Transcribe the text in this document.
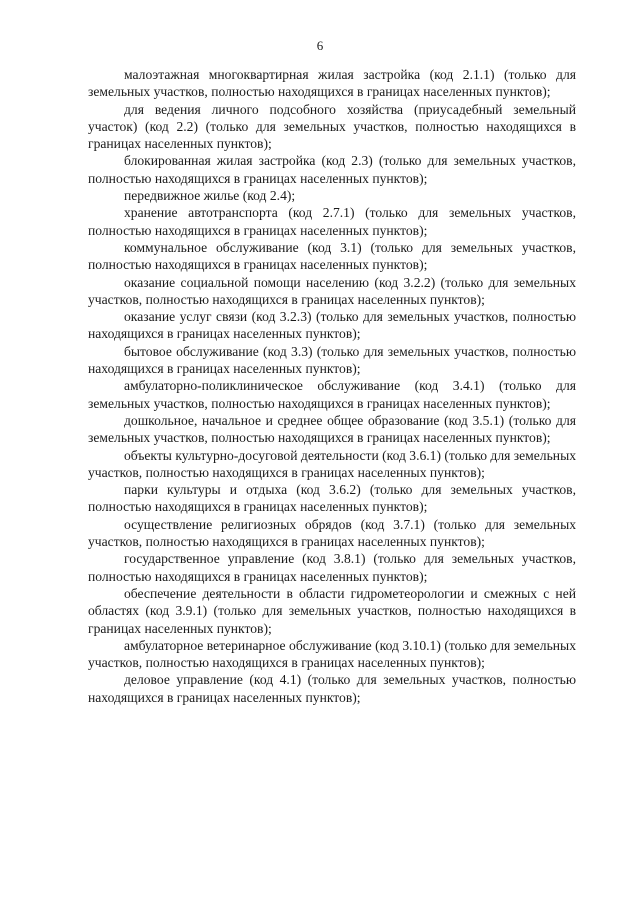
6

малоэтажная многоквартирная жилая застройка (код 2.1.1) (только для земельных участков, полностью находящихся в границах населенных пунктов);

для ведения личного подсобного хозяйства (приусадебный земельный участок) (код 2.2) (только для земельных участков, полностью находящихся в границах населенных пунктов);

блокированная жилая застройка (код 2.3) (только для земельных участков, полностью находящихся в границах населенных пунктов);

передвижное жилье (код 2.4);

хранение автотранспорта (код 2.7.1) (только для земельных участков, полностью находящихся в границах населенных пунктов);

коммунальное обслуживание (код 3.1) (только для земельных участков, полностью находящихся в границах населенных пунктов);

оказание социальной помощи населению (код 3.2.2) (только для земельных участков, полностью находящихся в границах населенных пунктов);

оказание услуг связи (код 3.2.3) (только для земельных участков, полностью находящихся в границах населенных пунктов);

бытовое обслуживание (код 3.3) (только для земельных участков, полностью находящихся в границах населенных пунктов);

амбулаторно-поликлиническое обслуживание (код 3.4.1) (только для земельных участков, полностью находящихся в границах населенных пунктов);

дошкольное, начальное и среднее общее образование (код 3.5.1) (только для земельных участков, полностью находящихся в границах населенных пунктов);

объекты культурно-досуговой деятельности (код 3.6.1) (только для земельных участков, полностью находящихся в границах населенных пунктов);

парки культуры и отдыха (код 3.6.2) (только для земельных участков, полностью находящихся в границах населенных пунктов);

осуществление религиозных обрядов (код 3.7.1) (только для земельных участков, полностью находящихся в границах населенных пунктов);

государственное управление (код 3.8.1) (только для земельных участков, полностью находящихся в границах населенных пунктов);

обеспечение деятельности в области гидрометеорологии и смежных с ней областях (код 3.9.1) (только для земельных участков, полностью находящихся в границах населенных пунктов);

амбулаторное ветеринарное обслуживание (код 3.10.1) (только для земельных участков, полностью находящихся в границах населенных пунктов);

деловое управление (код 4.1) (только для земельных участков, полностью находящихся в границах населенных пунктов);
